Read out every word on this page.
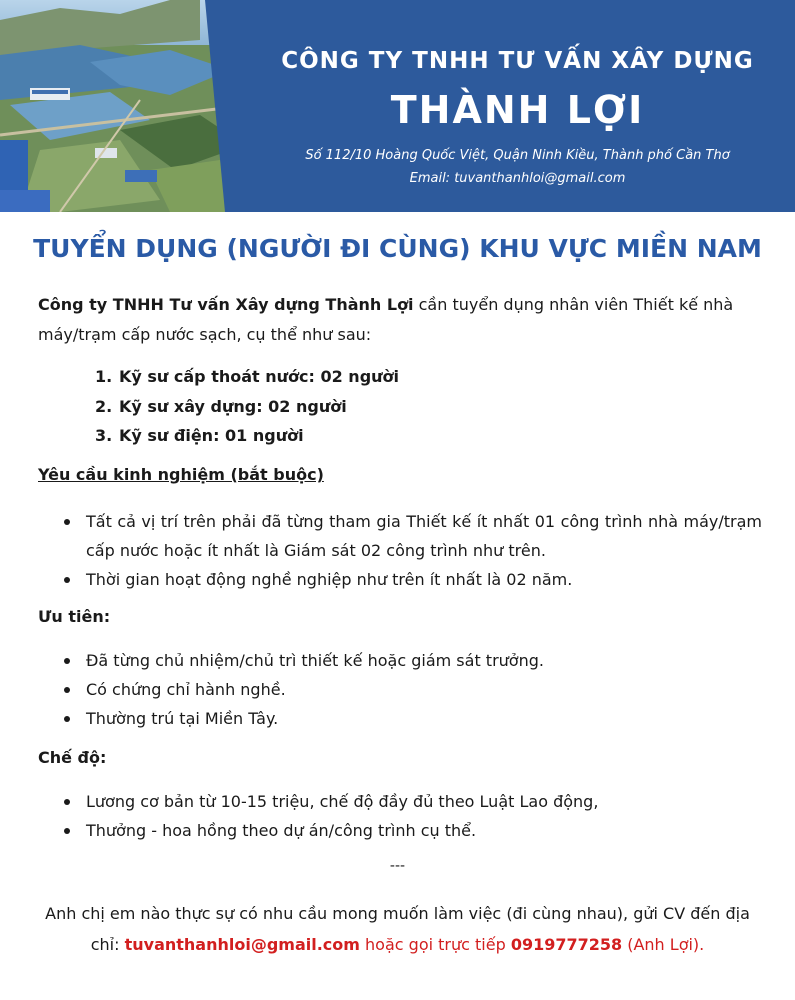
CÔNG TY TNHH TƯ VẤN XÂY DỰNG
THÀNH LỢI
Số 112/10 Hoàng Quốc Việt, Quận Ninh Kiều, Thành phố Cần Thơ
Email: tuvanthanhloi@gmail.com
TUYỂN DỤNG (NGƯỜI ĐI CÙNG) KHU VỰC MIỀN NAM
Công ty TNHH Tư vấn Xây dựng Thành Lợi cần tuyển dụng nhân viên Thiết kế nhà máy/trạm cấp nước sạch, cụ thể như sau:
1. Kỹ sư cấp thoát nước: 02 người
2. Kỹ sư xây dựng: 02 người
3. Kỹ sư điện: 01 người
Yêu cầu kinh nghiệm (bắt buộc)
Tất cả vị trí trên phải đã từng tham gia Thiết kế ít nhất 01 công trình nhà máy/trạm cấp nước hoặc ít nhất là Giám sát 02 công trình như trên.
Thời gian hoạt động nghề nghiệp như trên ít nhất là 02 năm.
Ưu tiên:
Đã từng chủ nhiệm/chủ trì thiết kế hoặc giám sát trưởng.
Có chứng chỉ hành nghề.
Thường trú tại Miền Tây.
Chế độ:
Lương cơ bản từ 10-15 triệu, chế độ đầy đủ theo Luật Lao động,
Thưởng - hoa hồng theo dự án/công trình cụ thể.
---
Anh chị em nào thực sự có nhu cầu mong muốn làm việc (đi cùng nhau), gửi CV đến địa chỉ: tuvanthanhloi@gmail.com hoặc gọi trực tiếp 0919777258 (Anh Lợi).
